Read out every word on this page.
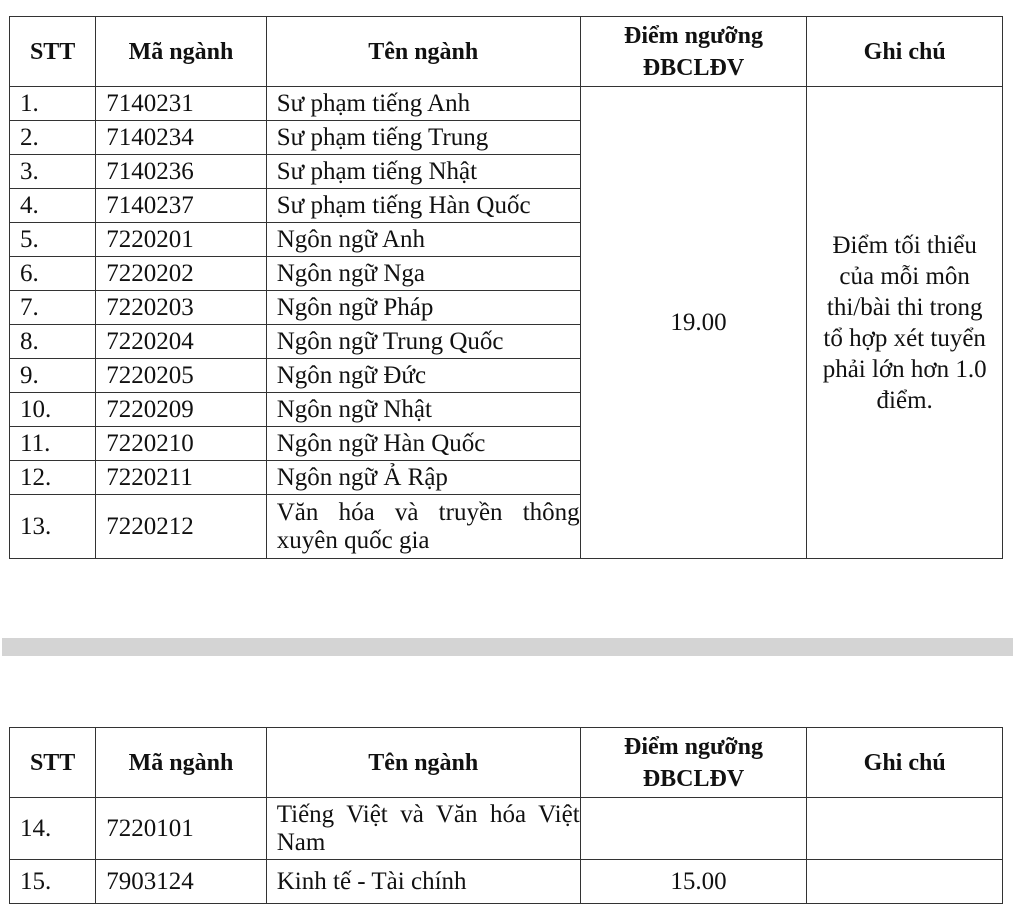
STT	Mã ngành	Tên ngành	Điểm ngưỡng ĐBCLĐV	Ghi chú
1.	7140231	Sư phạm tiếng Anh	19.00	Điểm tối thiểu của mỗi môn thi/bài thi trong tổ hợp xét tuyển phải lớn hơn 1.0 điểm.

2.	7140234	Sư phạm tiếng Trung		
3.	7140236	Sư phạm tiếng Nhật		
4.	7140237	Sư phạm tiếng Hàn Quốc		
5.	7220201	Ngôn ngữ Anh		
6.	7220202	Ngôn ngữ Nga		
7.	7220203	Ngôn ngữ Pháp		
8.	7220204	Ngôn ngữ Trung Quốc		
9.	7220205	Ngôn ngữ Đức		
10.	7220209	Ngôn ngữ Nhật		
11.	7220210	Ngôn ngữ Hàn Quốc		
12.	7220211	Ngôn ngữ Ả Rập		
13.	7220212	Văn hóa và truyền thông xuyên quốc gia		
STT	Mã ngành	Tên ngành	Điểm ngưỡng ĐBCLĐV	Ghi chú
14.	7220101	Tiếng Việt và Văn hóa Việt Nam		
15.	7903124	Kinh tế - Tài chính	15.00	
